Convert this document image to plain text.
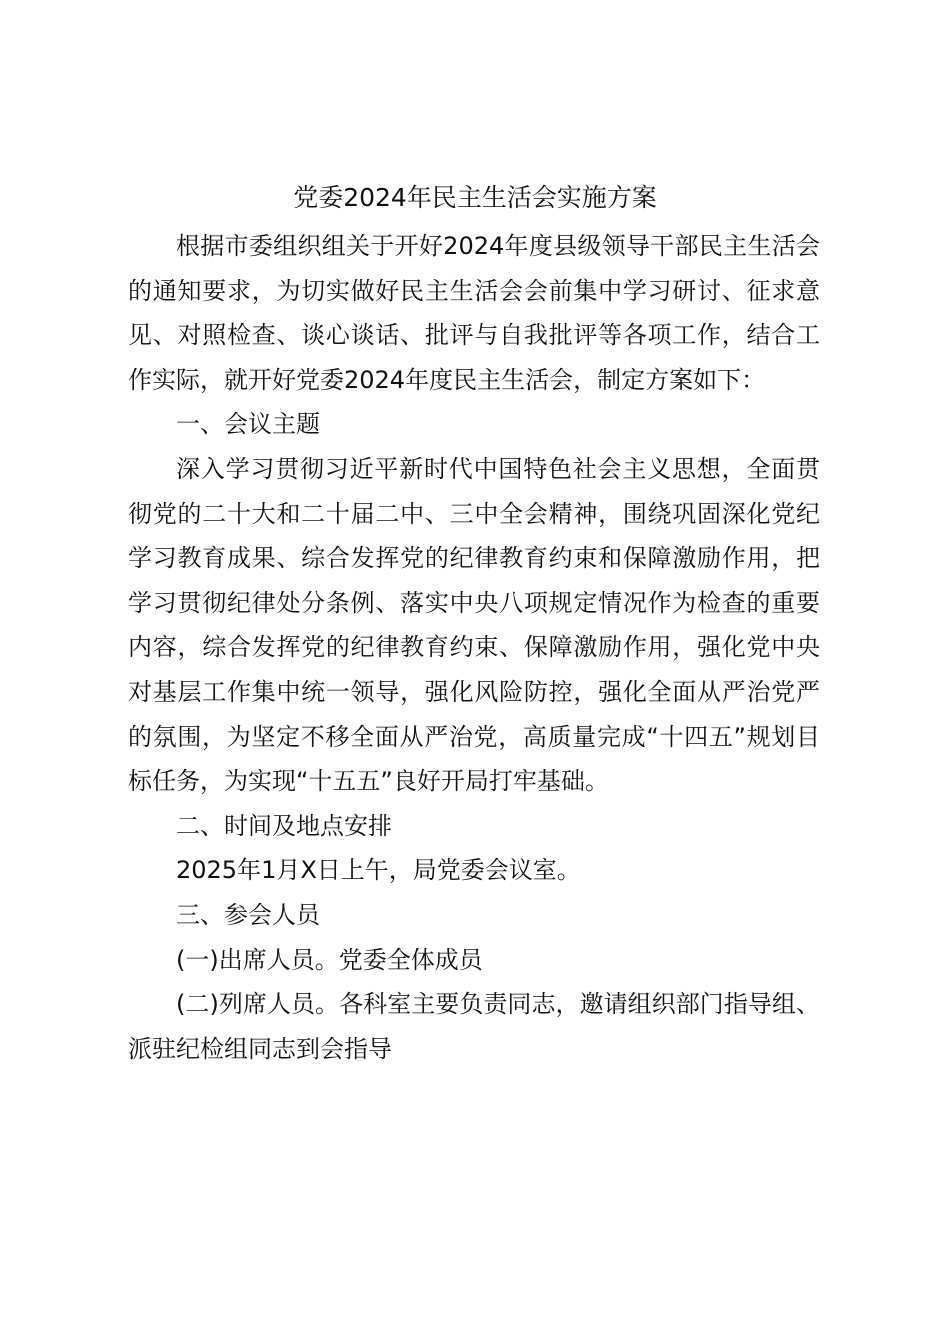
党委2024年民主生活会实施方案

根据市委组织组关于开好2024年度县级领导干部民主生活会的通知要求，为切实做好民主生活会会前集中学习研讨、征求意见、对照检查、谈心谈话、批评与自我批评等各项工作，结合工作实际，就开好党委2024年度民主生活会，制定方案如下：

一、会议主题

深入学习贯彻习近平新时代中国特色社会主义思想，全面贯彻党的二十大和二十届二中、三中全会精神，围绕巩固深化党纪学习教育成果、综合发挥党的纪律教育约束和保障激励作用，把学习贯彻纪律处分条例、落实中央八项规定情况作为检查的重要内容，综合发挥党的纪律教育约束、保障激励作用，强化党中央对基层工作集中统一领导，强化风险防控，强化全面从严治党严的氛围，为坚定不移全面从严治党，高质量完成“十四五”规划目标任务，为实现“十五五”良好开局打牢基础。

二、时间及地点安排

2025年1月X日上午，局党委会议室。

三、参会人员

(一)出席人员。党委全体成员

(二)列席人员。各科室主要负责同志，邀请组织部门指导组、派驻纪检组同志到会指导
